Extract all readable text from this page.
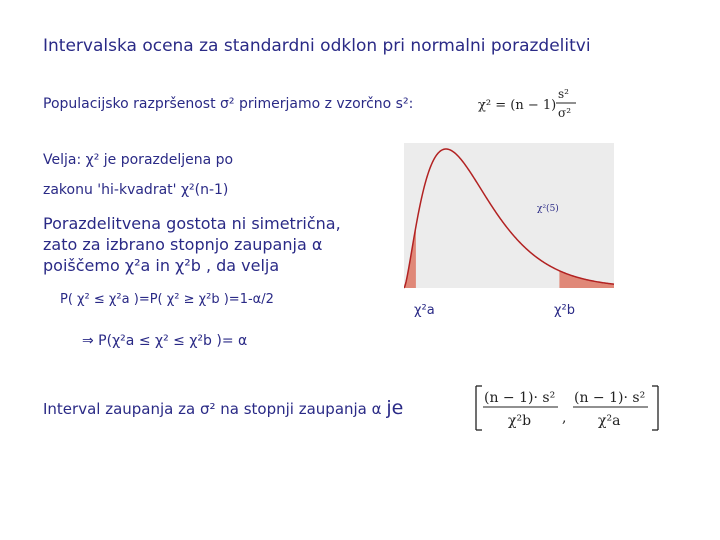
Intervalska ocena za standardni odklon pri normalni porazdelitvi
Populacijsko razpršenost σ² primerjamo z vzorčno s²:	χ² = (n − 1)
s²
σ²
Velja: χ² je porazdeljena po
zakonu 'hi-kvadrat' χ²(n-1)
Porazdelitvena gostota ni simetrična,
zato za izbrano stopnjo zaupanja α
poiščemo χ²a in χ²b , da velja
P( χ² ≤ χ²a )=P( χ² ≥ χ²b )=1-α/2
⇒ P(χ²a ≤ χ² ≤ χ²b )= α
Interval zaupanja za σ² na stopnji zaupanja α je
χ²(5)
χ²a	χ²b
(n − 1)· s²
χ²b ,
(n − 1)· s²
χ²a
